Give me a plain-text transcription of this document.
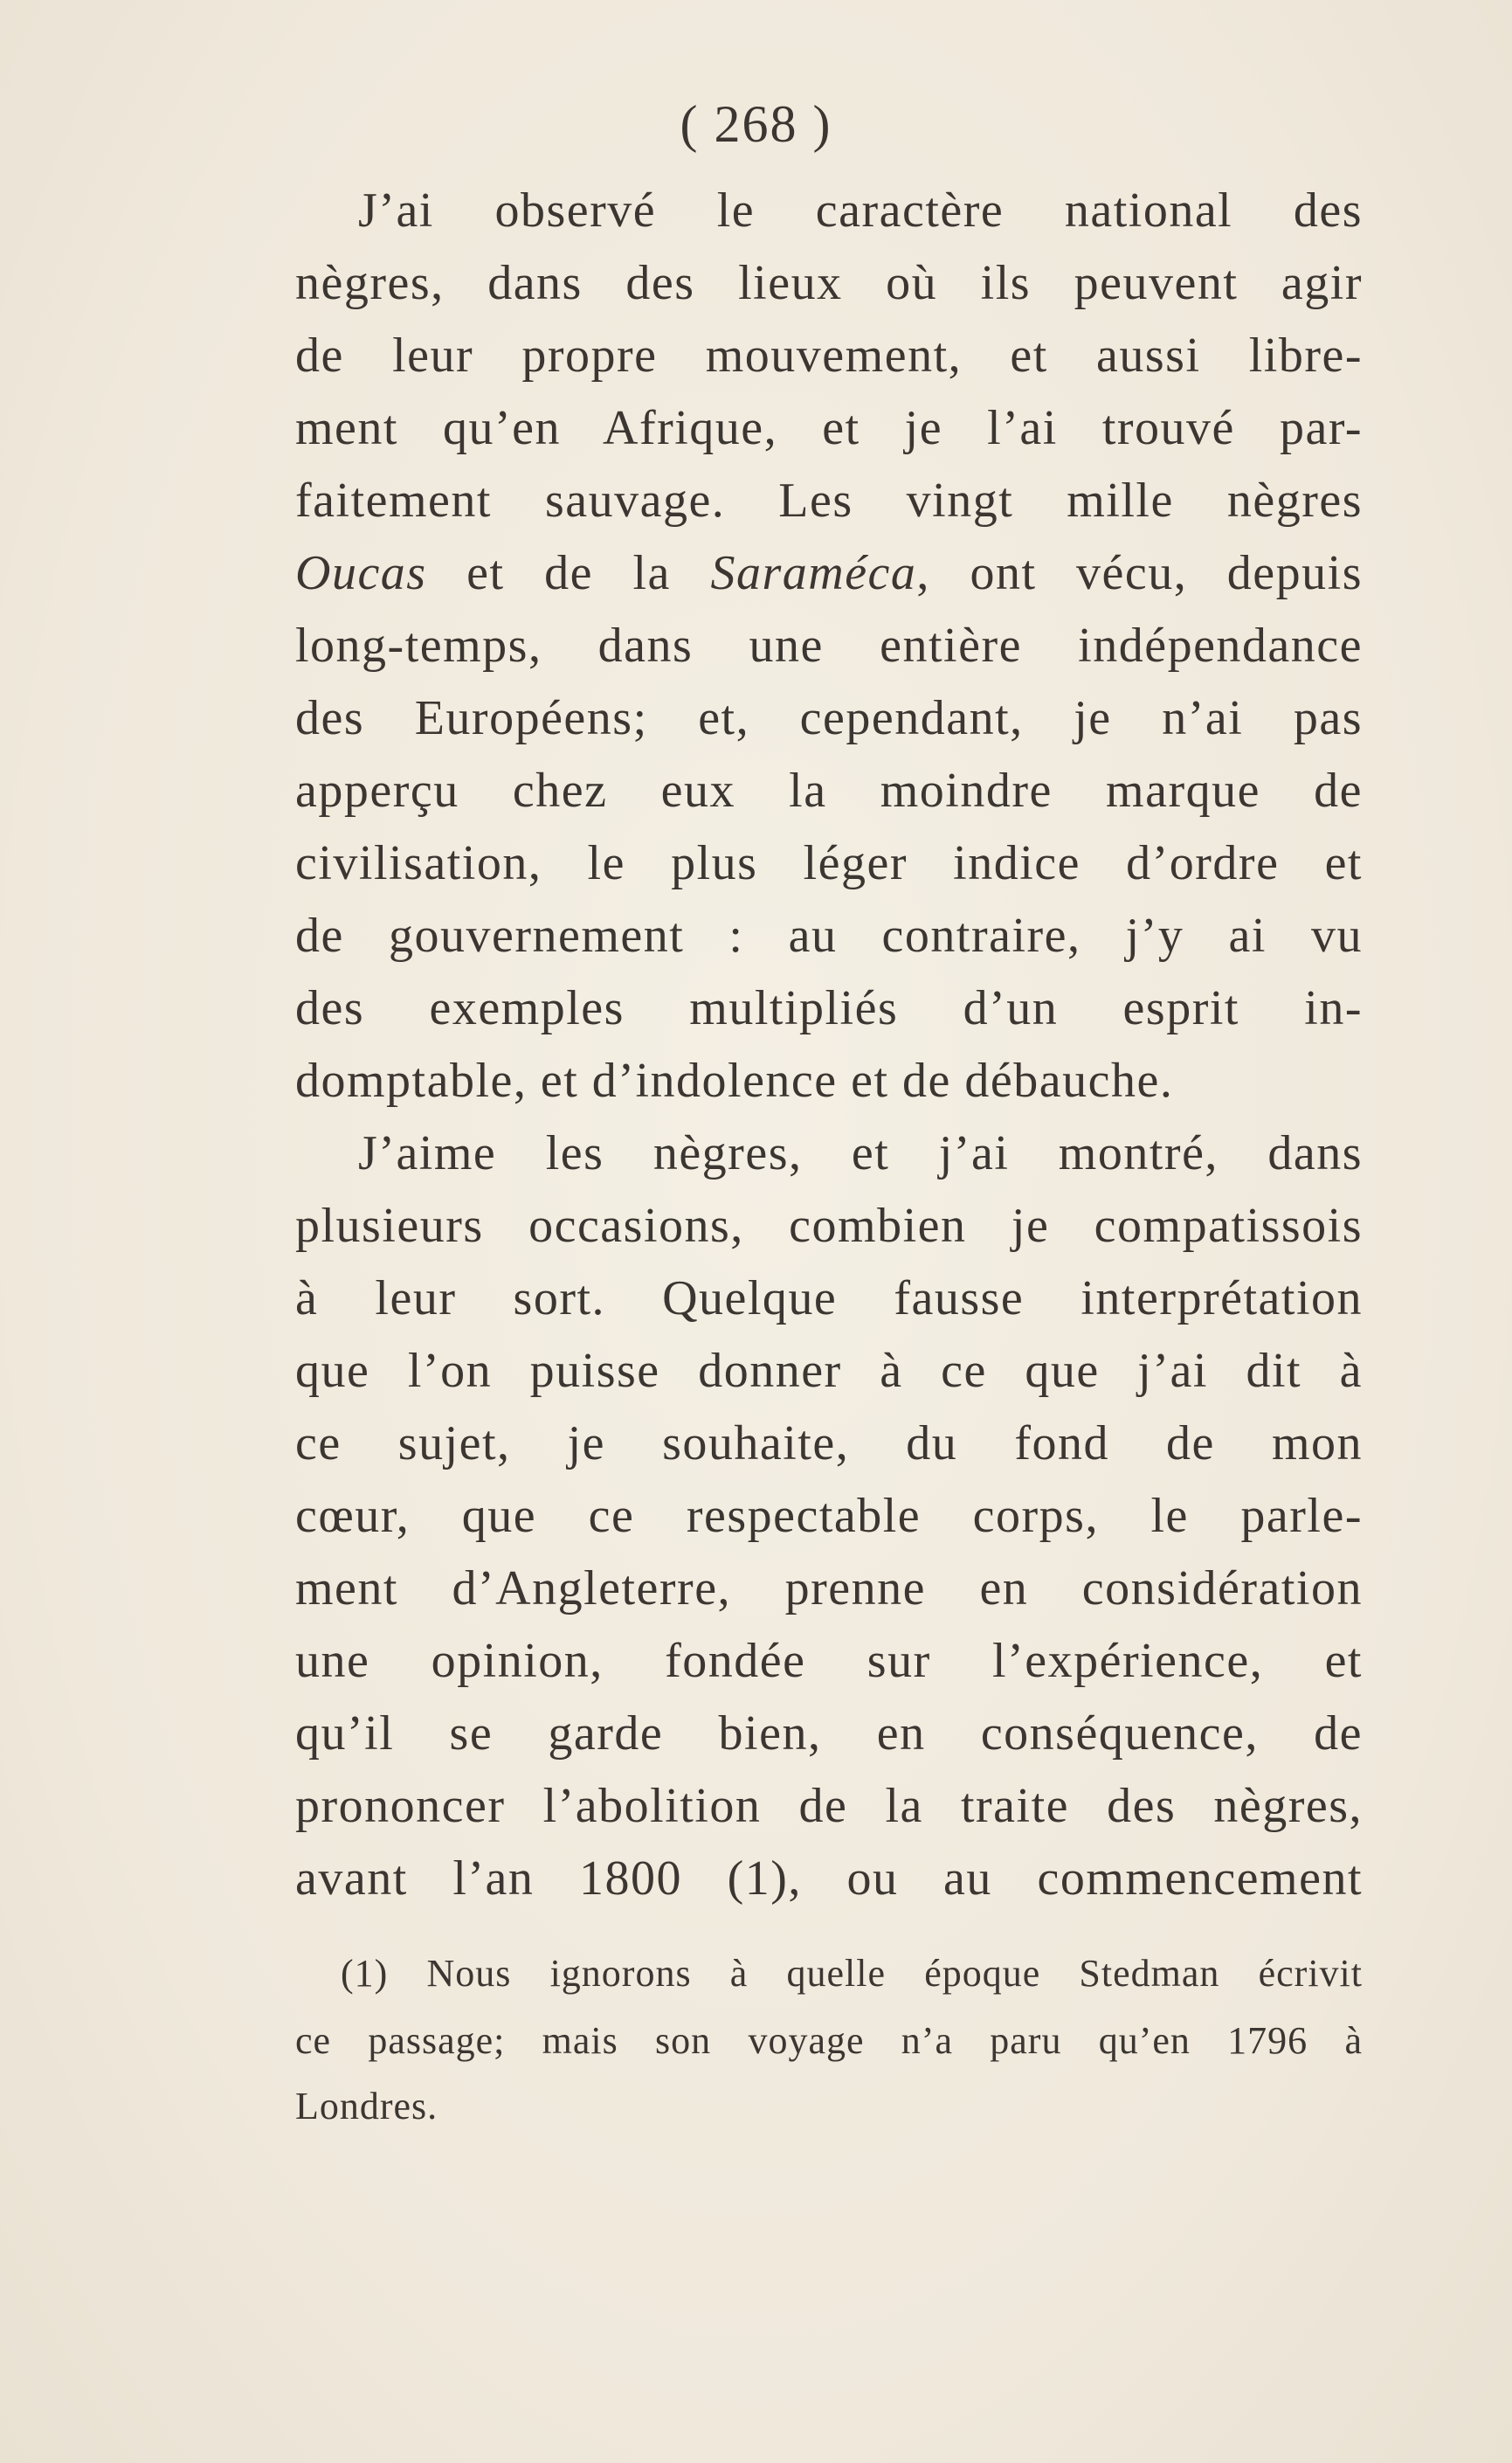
( 268 )
J’ai observé le caractère national des
nègres, dans des lieux où ils peuvent agir
de leur propre mouvement, et aussi libre-
ment qu’en Afrique, et je l’ai trouvé par-
faitement sauvage. Les vingt mille nègres
Oucas et de la Saraméca, ont vécu, depuis
long-temps, dans une entière indépendance
des Européens; et, cependant, je n’ai pas
apperçu chez eux la moindre marque de
civilisation, le plus léger indice d’ordre et
de gouvernement : au contraire, j’y ai vu
des exemples multipliés d’un esprit in-
domptable, et d’indolence et de débauche.
J’aime les nègres, et j’ai montré, dans
plusieurs occasions, combien je compatissois
à leur sort. Quelque fausse interprétation
que l’on puisse donner à ce que j’ai dit à
ce sujet, je souhaite, du fond de mon
cœur, que ce respectable corps, le parle-
ment d’Angleterre, prenne en considération
une opinion, fondée sur l’expérience, et
qu’il se garde bien, en conséquence, de
prononcer l’abolition de la traite des nègres,
avant l’an 1800 (1), ou au commencement
(1) Nous ignorons à quelle époque Stedman écrivit
ce passage; mais son voyage n’a paru qu’en 1796 à
Londres.
